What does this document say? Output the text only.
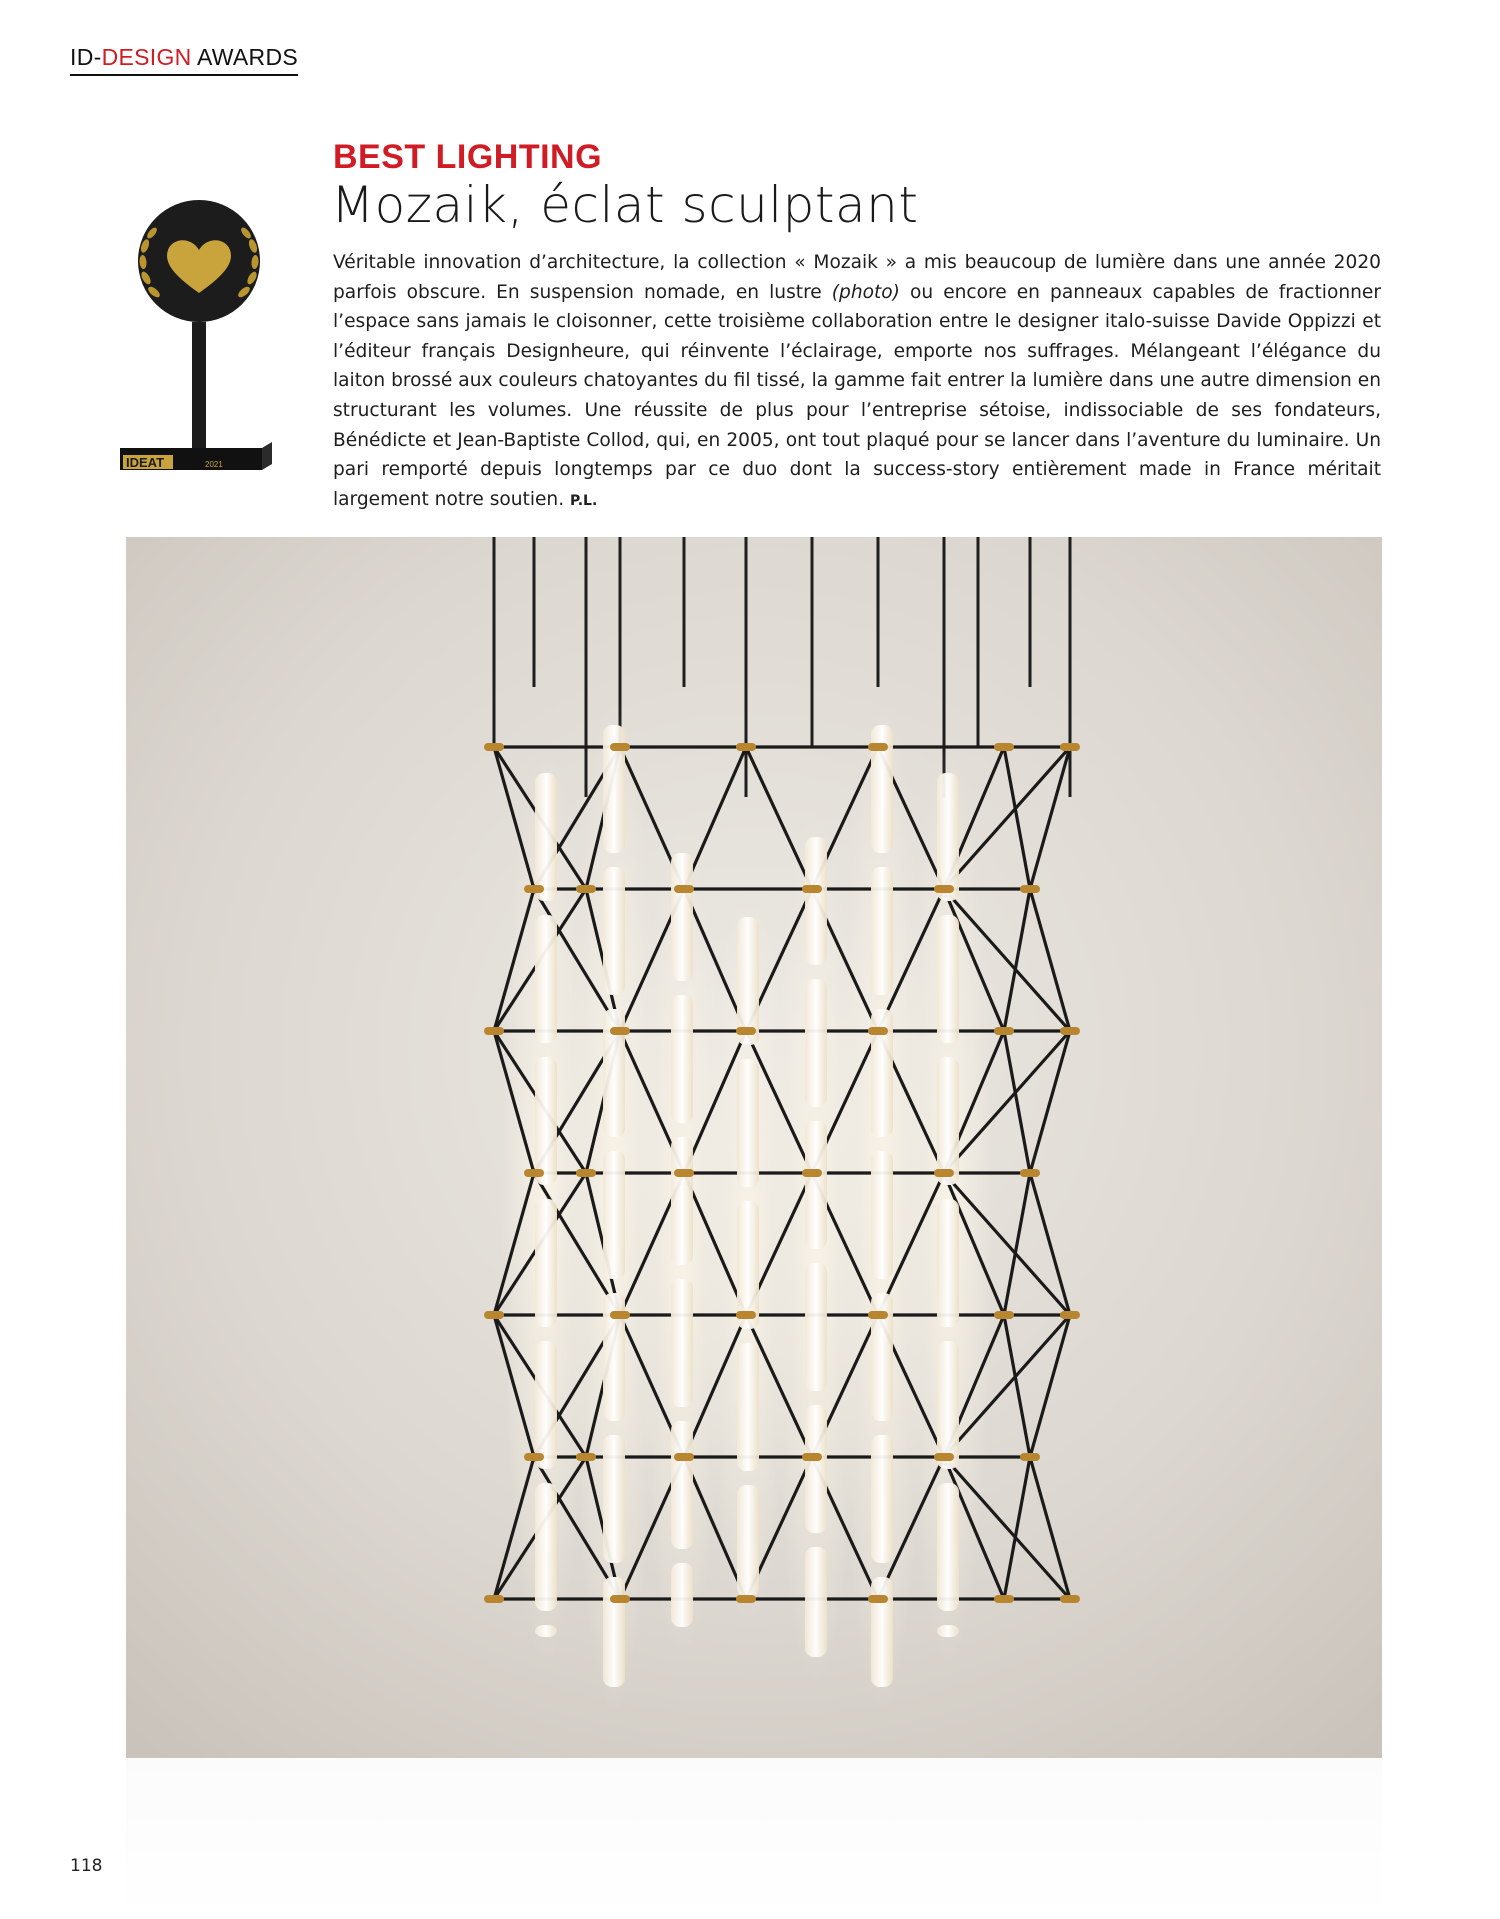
ID-DESIGN AWARDS
BEST LIGHTING
Mozaik, éclat sculptant
Véritable innovation d’architecture, la collection « Mozaik » a mis beaucoup de lumière dans une année 2020 parfois obscure. En suspension nomade, en lustre (photo) ou encore en panneaux capables de fractionner l’espace sans jamais le cloisonner, cette troisième collaboration entre le designer italo-suisse Davide Oppizzi et l’éditeur français Designheure, qui réinvente l’éclairage, emporte nos suffrages. Mélangeant l’élégance du laiton brossé aux couleurs chatoyantes du fil tissé, la gamme fait entrer la lumière dans une autre dimension en structurant les volumes. Une réussite de plus pour l’entreprise sétoise, indissociable de ses fondateurs, Bénédicte et Jean-Baptiste Collod, qui, en 2005, ont tout plaqué pour se lancer dans l’aventure du luminaire. Un pari remporté depuis longtemps par ce duo dont la success-story entièrement made in France méritait largement notre soutien. P.L.
IDEAT	2021
118
